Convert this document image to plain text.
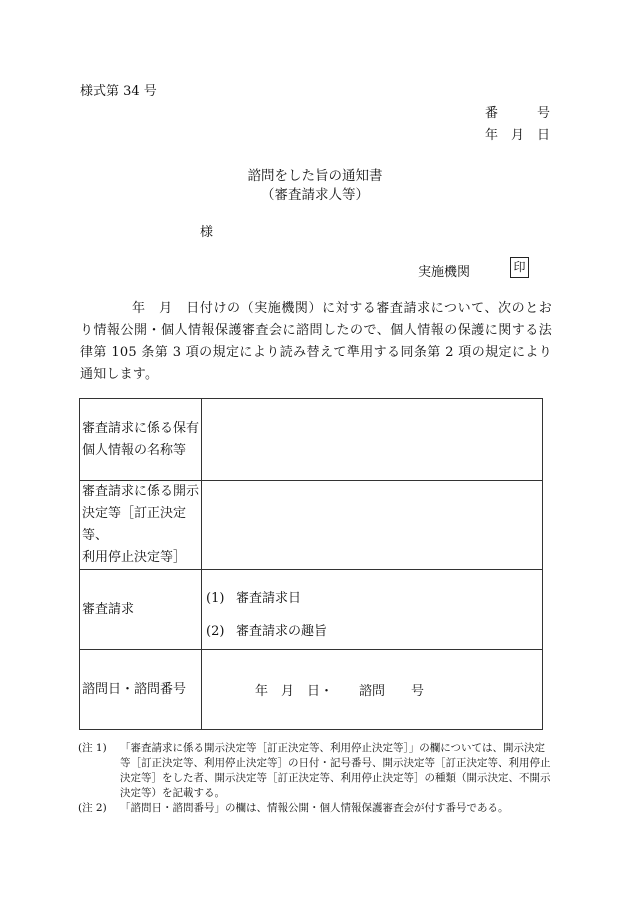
様式第 34 号
番　　　号
年　月　日
諮問をした旨の通知書
（審査請求人等）
様
実施機関	印
年　月　日付けの（実施機関）に対する審査請求について、次のとおり情報公開・個人情報保護審査会に諮問したので、個人情報の保護に関する法律第 105 条第 3 項の規定により読み替えて準用する同条第 2 項の規定により通知します。
審査請求に係る保有
個人情報の名称等	

審査請求に係る開示
決定等［訂正決定等、
利用停止決定等］	

審査請求	(1) 審査請求日
(2) 審査請求の趣旨

諮問日・諮問番号	年　月　日・　　諮問　　号
(注 1) 「審査請求に係る開示決定等［訂正決定等、利用停止決定等］」の欄については、開示決定等［訂正決定等、利用停止決定等］の日付・記号番号、開示決定等［訂正決定等、利用停止決定等］をした者、開示決定等［訂正決定等、利用停止決定等］の種類（開示決定、不開示決定等）を記載する。
(注 2) 「諮問日・諮問番号」の欄は、情報公開・個人情報保護審査会が付す番号である。
